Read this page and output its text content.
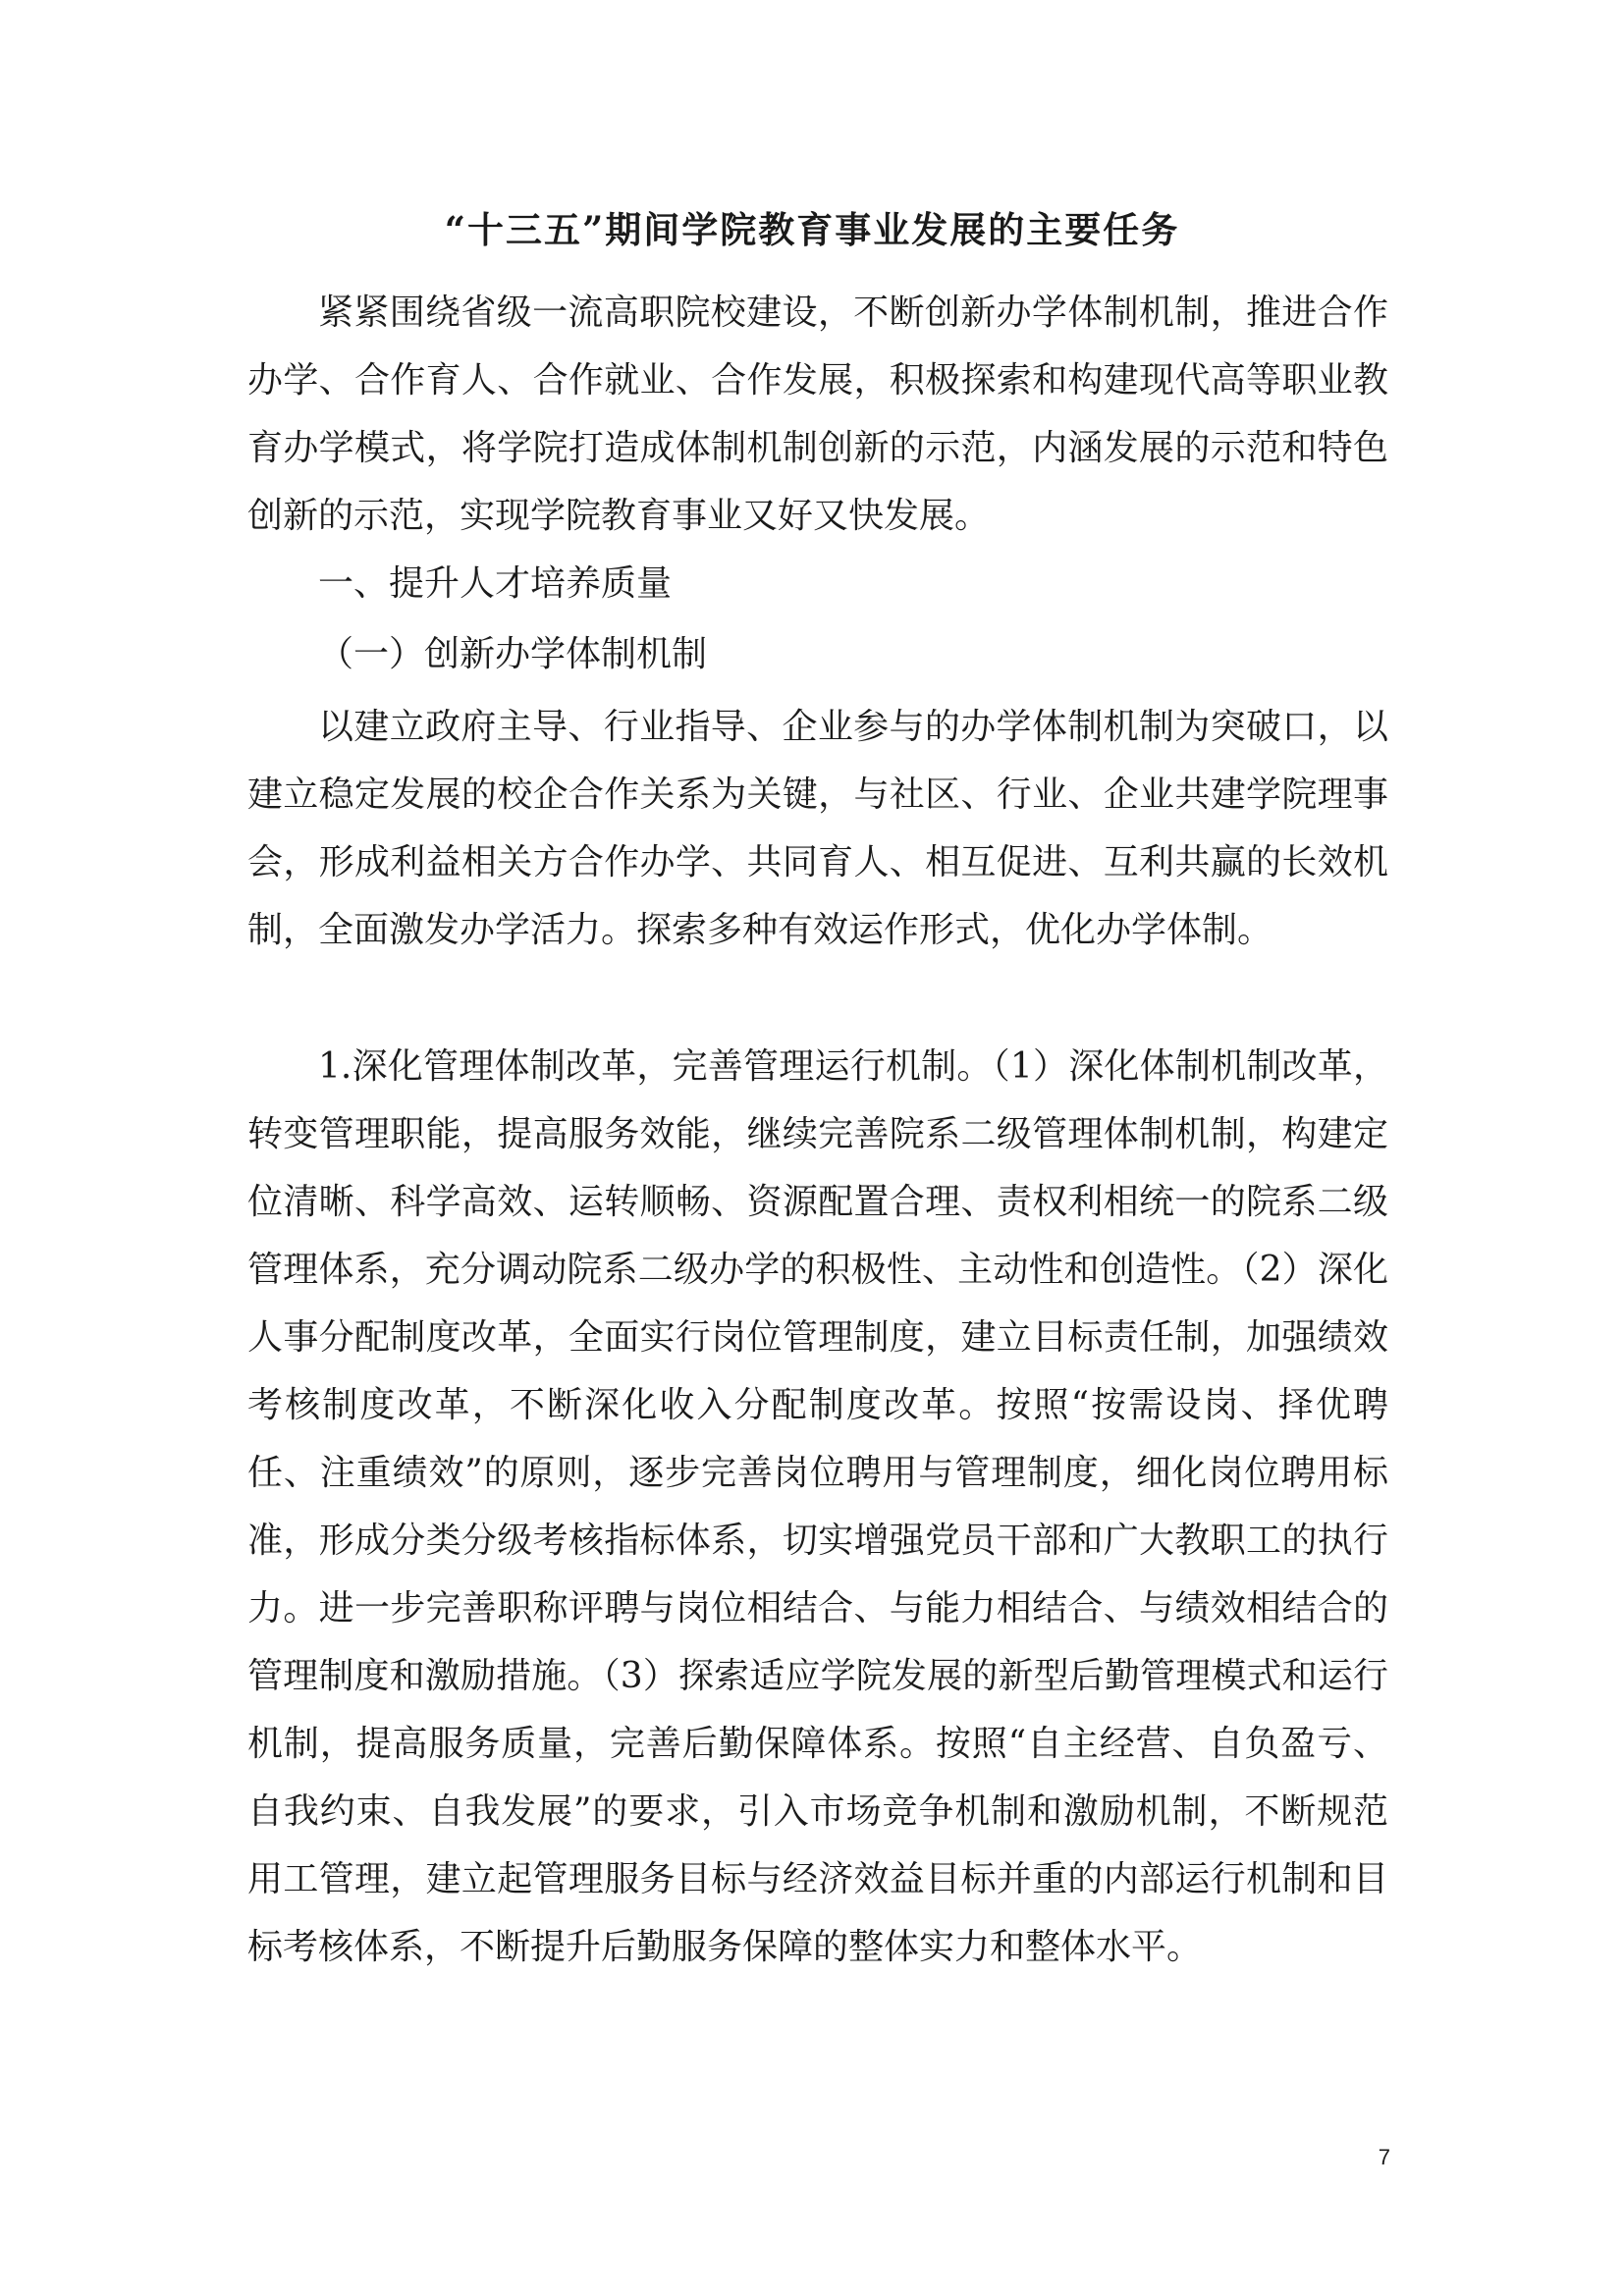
“十三五”期间学院教育事业发展的主要任务

紧紧围绕省级一流高职院校建设，不断创新办学体制机制，推进合作办学、合作育人、合作就业、合作发展，积极探索和构建现代高等职业教育办学模式，将学院打造成体制机制创新的示范，内涵发展的示范和特色创新的示范，实现学院教育事业又好又快发展。

一、提升人才培养质量

（一）创新办学体制机制

以建立政府主导、行业指导、企业参与的办学体制机制为突破口，以建立稳定发展的校企合作关系为关键，与社区、行业、企业共建学院理事会，形成利益相关方合作办学、共同育人、相互促进、互利共赢的长效机制，全面激发办学活力。探索多种有效运作形式，优化办学体制。

1.深化管理体制改革，完善管理运行机制。（1）深化体制机制改革，转变管理职能，提高服务效能，继续完善院系二级管理体制机制，构建定位清晰、科学高效、运转顺畅、资源配置合理、责权利相统一的院系二级管理体系，充分调动院系二级办学的积极性、主动性和创造性。（2）深化人事分配制度改革，全面实行岗位管理制度，建立目标责任制，加强绩效考核制度改革，不断深化收入分配制度改革。按照“按需设岗、择优聘任、注重绩效”的原则，逐步完善岗位聘用与管理制度，细化岗位聘用标准，形成分类分级考核指标体系，切实增强党员干部和广大教职工的执行力。进一步完善职称评聘与岗位相结合、与能力相结合、与绩效相结合的管理制度和激励措施。（3）探索适应学院发展的新型后勤管理模式和运行机制，提高服务质量，完善后勤保障体系。按照“自主经营、自负盈亏、自我约束、自我发展”的要求，引入市场竞争机制和激励机制，不断规范用工管理，建立起管理服务目标与经济效益目标并重的内部运行机制和目标考核体系，不断提升后勤服务保障的整体实力和整体水平。

7
